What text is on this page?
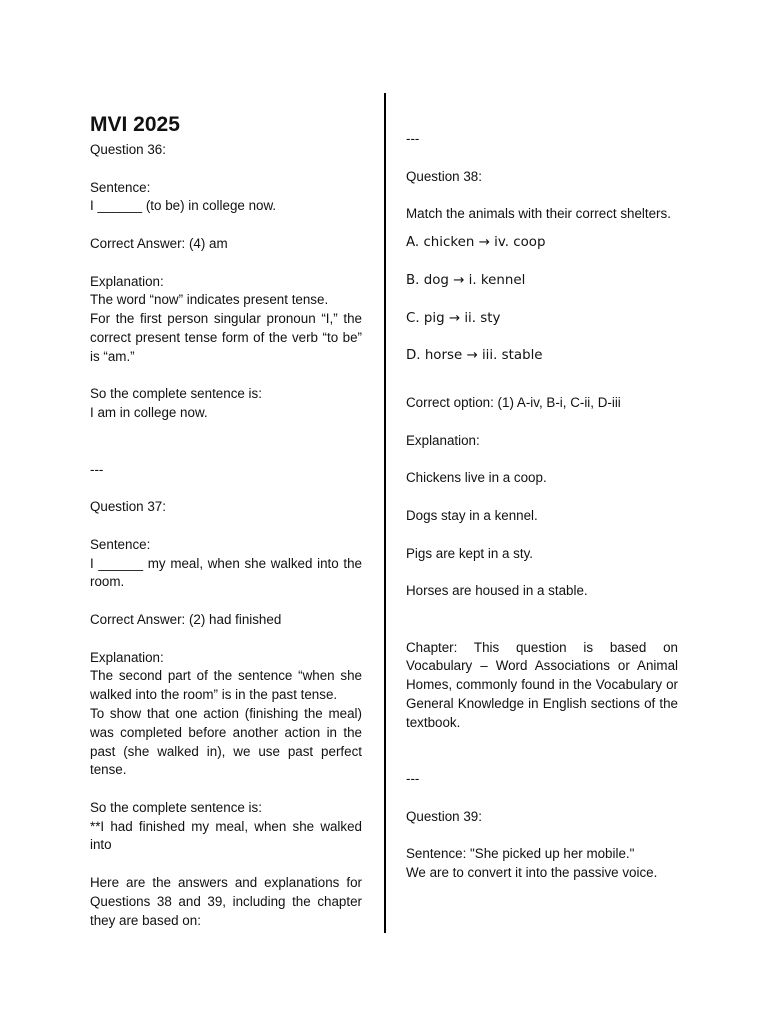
MVI 2025

Question 36:

Sentence:

I ______ (to be) in college now.

Correct Answer: (4) am

Explanation:

The word “now” indicates present tense.

For the first person singular pronoun “I,” the correct present tense form of the verb “to be” is “am.”

So the complete sentence is:

I am in college now.

---

Question 37:

Sentence:

I ______ my meal, when she walked into the room.

Correct Answer: (2) had finished

Explanation:

The second part of the sentence “when she walked into the room” is in the past tense.

To show that one action (finishing the meal) was completed before another action in the past (she walked in), we use past perfect tense.

So the complete sentence is:

**I had finished my meal, when she walked into

Here are the answers and explanations for Questions 38 and 39, including the chapter they are based on:

---

Question 38:

Match the animals with their correct shelters.

A. chicken → iv. coop

B. dog → i. kennel

C. pig → ii. sty

D. horse → iii. stable

Correct option: (1) A-iv, B-i, C-ii, D-iii

Explanation:

Chickens live in a coop.

Dogs stay in a kennel.

Pigs are kept in a sty.

Horses are housed in a stable.

Chapter: This question is based on Vocabulary – Word Associations or Animal Homes, commonly found in the Vocabulary or General Knowledge in English sections of the textbook.

---

Question 39:

Sentence: "She picked up her mobile."

We are to convert it into the passive voice.
